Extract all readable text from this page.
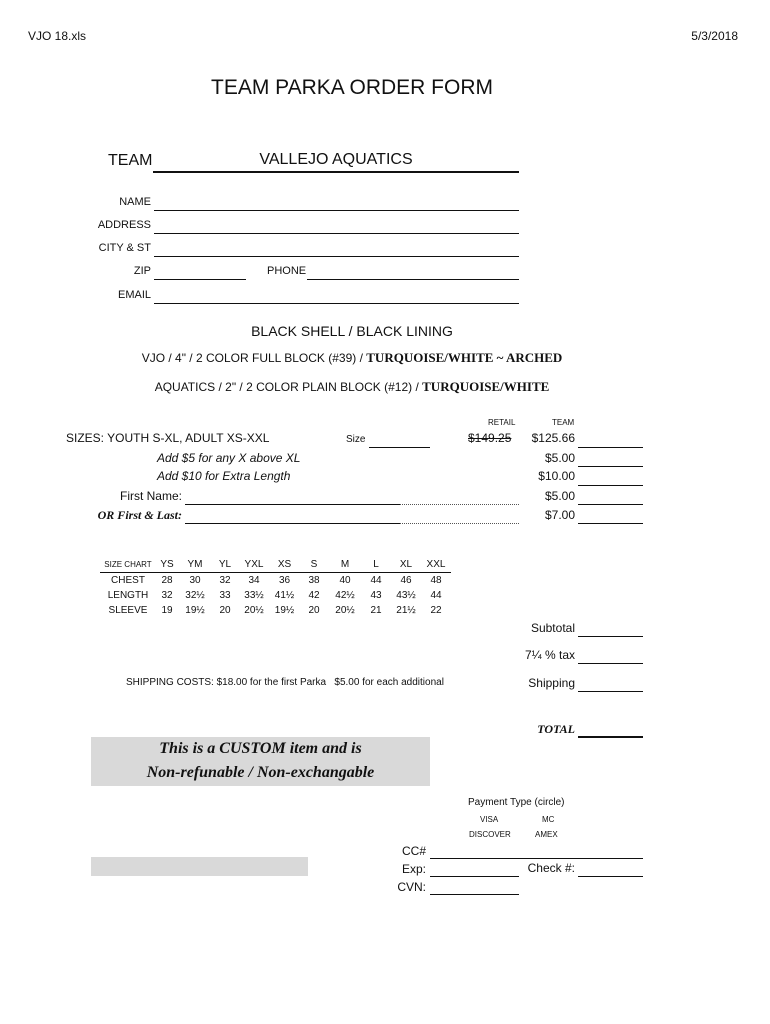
VJO 18.xls	5/3/2018
TEAM PARKA ORDER FORM
TEAM	VALLEJO AQUATICS
NAME
ADDRESS
CITY & ST
ZIP	PHONE
EMAIL
BLACK SHELL / BLACK LINING
VJO / 4" / 2 COLOR FULL BLOCK (#39) / TURQUOISE/WHITE ~ ARCHED
AQUATICS / 2" / 2 COLOR PLAIN BLOCK (#12) / TURQUOISE/WHITE
RETAIL	TEAM
SIZES: YOUTH S-XL, ADULT XS-XXL	Size	$149.25	$125.66
Add $5 for any X above XL	$5.00
Add $10 for Extra Length	$10.00
First Name:	$5.00
OR First & Last:	$7.00
SIZE CHART	YS	YM	YL	YXL	XS	S	M	L	XL	XXL
CHEST	28	30	32	34	36	38	40	44	46	48
LENGTH	32	32½	33	33½	41½	42	42½	43	43½	44
SLEEVE	19	19½	20	20½	19½	20	20½	21	21½	22
Subtotal
7¼ % tax
SHIPPING COSTS: $18.00 for the first Parka   $5.00 for each additional	Shipping
TOTAL
This is a CUSTOM item and is
Non-refunable / Non-exchangable
Payment Type (circle)
VISA	MC
DISCOVER	AMEX
CC#
Exp:	Check #:
CVN:
